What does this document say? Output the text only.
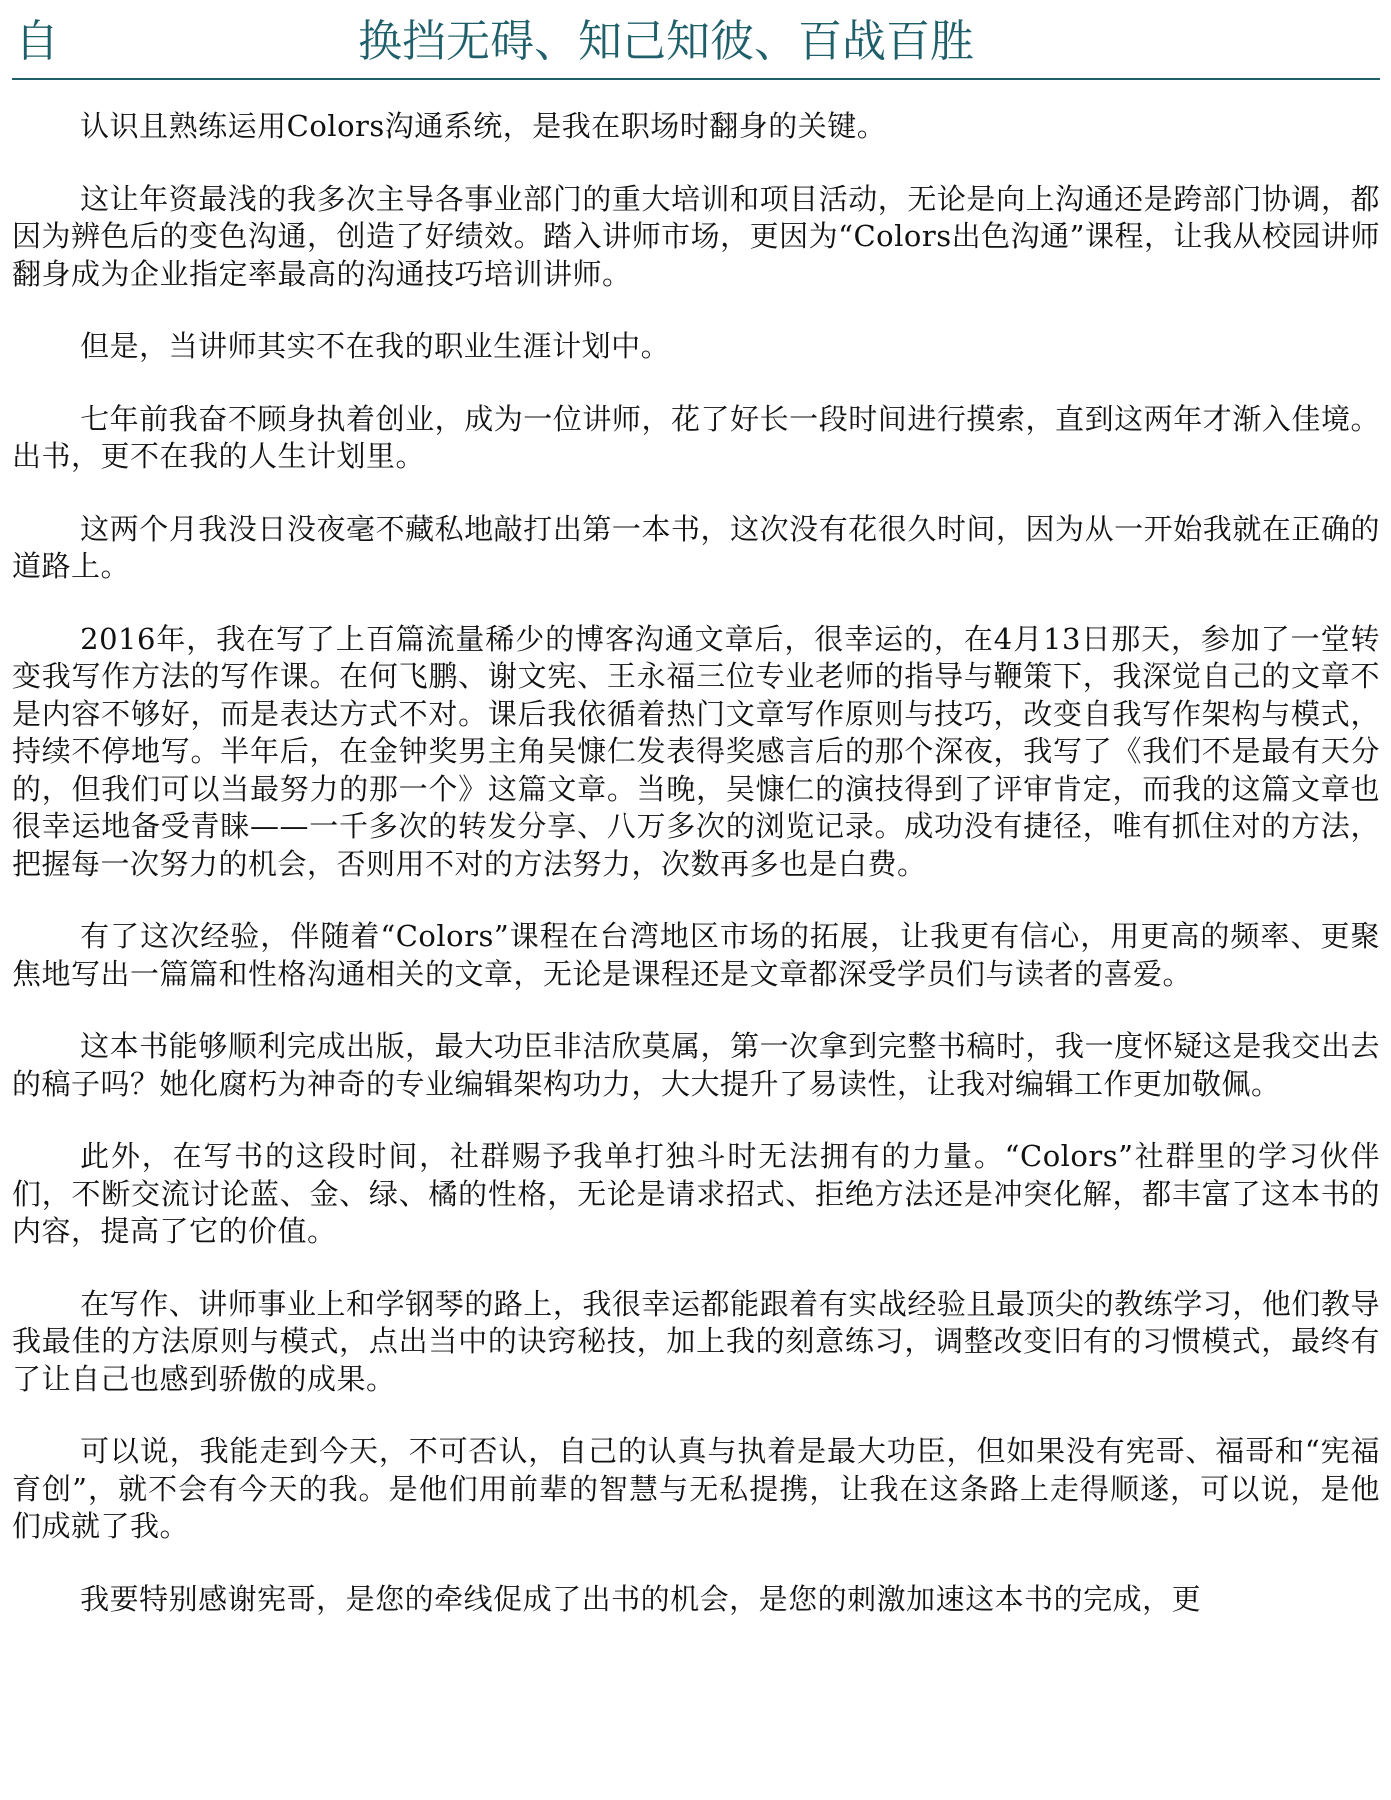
自	换挡无碍、知己知彼、百战百胜

认识且熟练运用Colors沟通系统，是我在职场时翻身的关键。

这让年资最浅的我多次主导各事业部门的重大培训和项目活动，无论是向上沟通还是跨部门协调，都因为辨色后的变色沟通，创造了好绩效。踏入讲师市场，更因为“Colors出色沟通”课程，让我从校园讲师翻身成为企业指定率最高的沟通技巧培训讲师。

但是，当讲师其实不在我的职业生涯计划中。

七年前我奋不顾身执着创业，成为一位讲师，花了好长一段时间进行摸索，直到这两年才渐入佳境。出书，更不在我的人生计划里。

这两个月我没日没夜毫不藏私地敲打出第一本书，这次没有花很久时间，因为从一开始我就在正确的道路上。

2016年，我在写了上百篇流量稀少的博客沟通文章后，很幸运的，在4月13日那天，参加了一堂转变我写作方法的写作课。在何飞鹏、谢文宪、王永福三位专业老师的指导与鞭策下，我深觉自己的文章不是内容不够好，而是表达方式不对。课后我依循着热门文章写作原则与技巧，改变自我写作架构与模式，持续不停地写。半年后，在金钟奖男主角吴慷仁发表得奖感言后的那个深夜，我写了《我们不是最有天分的，但我们可以当最努力的那一个》这篇文章。当晚，吴慷仁的演技得到了评审肯定，而我的这篇文章也很幸运地备受青睐——一千多次的转发分享、八万多次的浏览记录。成功没有捷径，唯有抓住对的方法，把握每一次努力的机会，否则用不对的方法努力，次数再多也是白费。

有了这次经验，伴随着“Colors”课程在台湾地区市场的拓展，让我更有信心，用更高的频率、更聚焦地写出一篇篇和性格沟通相关的文章，无论是课程还是文章都深受学员们与读者的喜爱。

这本书能够顺利完成出版，最大功臣非洁欣莫属，第一次拿到完整书稿时，我一度怀疑这是我交出去的稿子吗？她化腐朽为神奇的专业编辑架构功力，大大提升了易读性，让我对编辑工作更加敬佩。

此外，在写书的这段时间，社群赐予我单打独斗时无法拥有的力量。“Colors”社群里的学习伙伴们，不断交流讨论蓝、金、绿、橘的性格，无论是请求招式、拒绝方法还是冲突化解，都丰富了这本书的内容，提高了它的价值。

在写作、讲师事业上和学钢琴的路上，我很幸运都能跟着有实战经验且最顶尖的教练学习，他们教导我最佳的方法原则与模式，点出当中的诀窍秘技，加上我的刻意练习，调整改变旧有的习惯模式，最终有了让自己也感到骄傲的成果。

可以说，我能走到今天，不可否认，自己的认真与执着是最大功臣，但如果没有宪哥、福哥和“宪福育创”，就不会有今天的我。是他们用前辈的智慧与无私提携，让我在这条路上走得顺遂，可以说，是他们成就了我。

我要特别感谢宪哥，是您的牵线促成了出书的机会，是您的刺激加速这本书的完成，更
